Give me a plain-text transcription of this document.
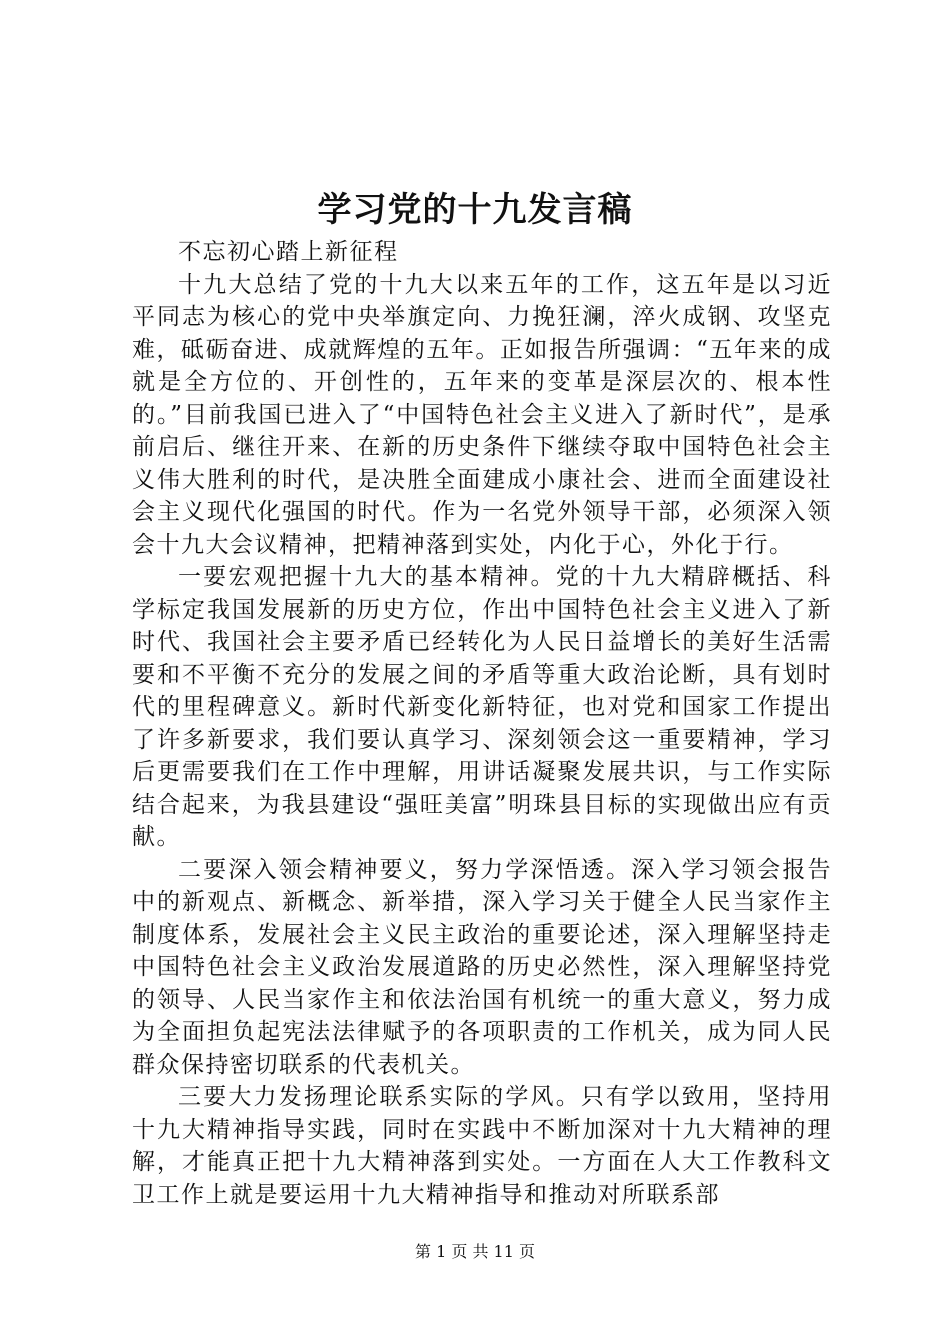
学习党的十九发言稿

不忘初心踏上新征程

十九大总结了党的十九大以来五年的工作，这五年是以习近平同志为核心的党中央举旗定向、力挽狂澜，淬火成钢、攻坚克难，砥砺奋进、成就辉煌的五年。正如报告所强调：“五年来的成就是全方位的、开创性的，五年来的变革是深层次的、根本性的。”目前我国已进入了“中国特色社会主义进入了新时代”，是承前启后、继往开来、在新的历史条件下继续夺取中国特色社会主义伟大胜利的时代，是决胜全面建成小康社会、进而全面建设社会主义现代化强国的时代。作为一名党外领导干部，必须深入领会十九大会议精神，把精神落到实处，内化于心，外化于行。

一要宏观把握十九大的基本精神。党的十九大精辟概括、科学标定我国发展新的历史方位，作出中国特色社会主义进入了新时代、我国社会主要矛盾已经转化为人民日益增长的美好生活需要和不平衡不充分的发展之间的矛盾等重大政治论断，具有划时代的里程碑意义。新时代新变化新特征，也对党和国家工作提出了许多新要求，我们要认真学习、深刻领会这一重要精神，学习后更需要我们在工作中理解，用讲话凝聚发展共识，与工作实际结合起来，为我县建设“强旺美富”明珠县目标的实现做出应有贡献。

二要深入领会精神要义，努力学深悟透。深入学习领会报告中的新观点、新概念、新举措，深入学习关于健全人民当家作主制度体系，发展社会主义民主政治的重要论述，深入理解坚持走中国特色社会主义政治发展道路的历史必然性，深入理解坚持党的领导、人民当家作主和依法治国有机统一的重大意义，努力成为全面担负起宪法法律赋予的各项职责的工作机关，成为同人民群众保持密切联系的代表机关。

三要大力发扬理论联系实际的学风。只有学以致用，坚持用十九大精神指导实践，同时在实践中不断加深对十九大精神的理解，才能真正把十九大精神落到实处。一方面在人大工作教科文卫工作上就是要运用十九大精神指导和推动对所联系部

第 1 页 共 11 页
